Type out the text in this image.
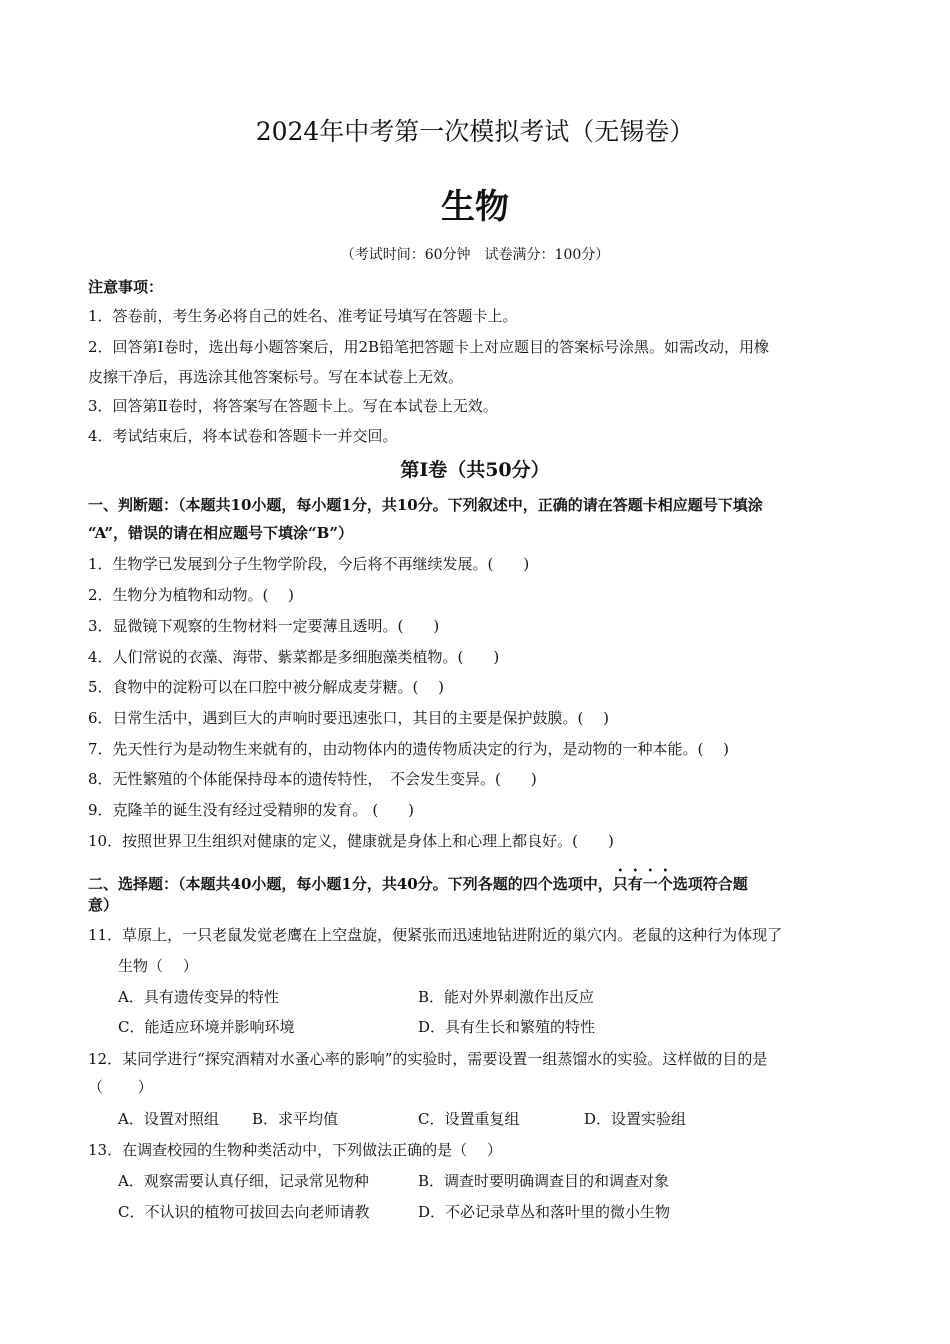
2024年中考第一次模拟考试（无锡卷）
生物
（考试时间：60分钟　试卷满分：100分）
注意事项：
1．答卷前，考生务必将自己的姓名、准考证号填写在答题卡上。
2．回答第Ⅰ卷时，选出每小题答案后，用2B铅笔把答题卡上对应题目的答案标号涂黑。如需改动，用橡
皮擦干净后，再选涂其他答案标号。写在本试卷上无效。
3．回答第Ⅱ卷时，将答案写在答题卡上。写在本试卷上无效。
4．考试结束后，将本试卷和答题卡一并交回。
第Ⅰ卷（共50分）
一、判断题：（本题共10小题，每小题1分，共10分。下列叙述中，正确的请在答题卡相应题号下填涂
“A”，错误的请在相应题号下填涂“B”）
1．生物学已发展到分子生物学阶段，今后将不再继续发展。(　　)
2．生物分为植物和动物。(　 )
3．显微镜下观察的生物材料一定要薄且透明。(　　)
4．人们常说的衣藻、海带、紫菜都是多细胞藻类植物。(　　)
5．食物中的淀粉可以在口腔中被分解成麦芽糖。(　 )
6．日常生活中，遇到巨大的声响时要迅速张口，其目的主要是保护鼓膜。(　 )
7．先天性行为是动物生来就有的，由动物体内的遗传物质决定的行为，是动物的一种本能。(　 )
8．无性繁殖的个体能保持母本的遗传特性，　不会发生变异。(　　)
9．克隆羊的诞生没有经过受精卵的发育。 (　　)
10．按照世界卫生组织对健康的定义，健康就是身体上和心理上都良好。(　　)
二、选择题：（本题共40小题，每小题1分，共40分。下列各题的四个选项中，只有一个选项符合题
意）
11．草原上，一只老鼠发觉老鹰在上空盘旋，便紧张而迅速地钻进附近的巢穴内。老鼠的这种行为体现了
生物（　 ）
A．具有遗传变异的特性	B．能对外界刺激作出反应
C．能适应环境并影响环境	D．具有生长和繁殖的特性
12．某同学进行“探究酒精对水蚤心率的影响”的实验时，需要设置一组蒸馏水的实验。这样做的目的是
（　　 ）
A．设置对照组 B．求平均值	C．设置重复组	D．设置实验组
13．在调查校园的生物种类活动中，下列做法正确的是（　 ）
A．观察需要认真仔细，记录常见物种	B．调查时要明确调查目的和调查对象
C．不认识的植物可拔回去向老师请教	D．不必记录草丛和落叶里的微小生物
